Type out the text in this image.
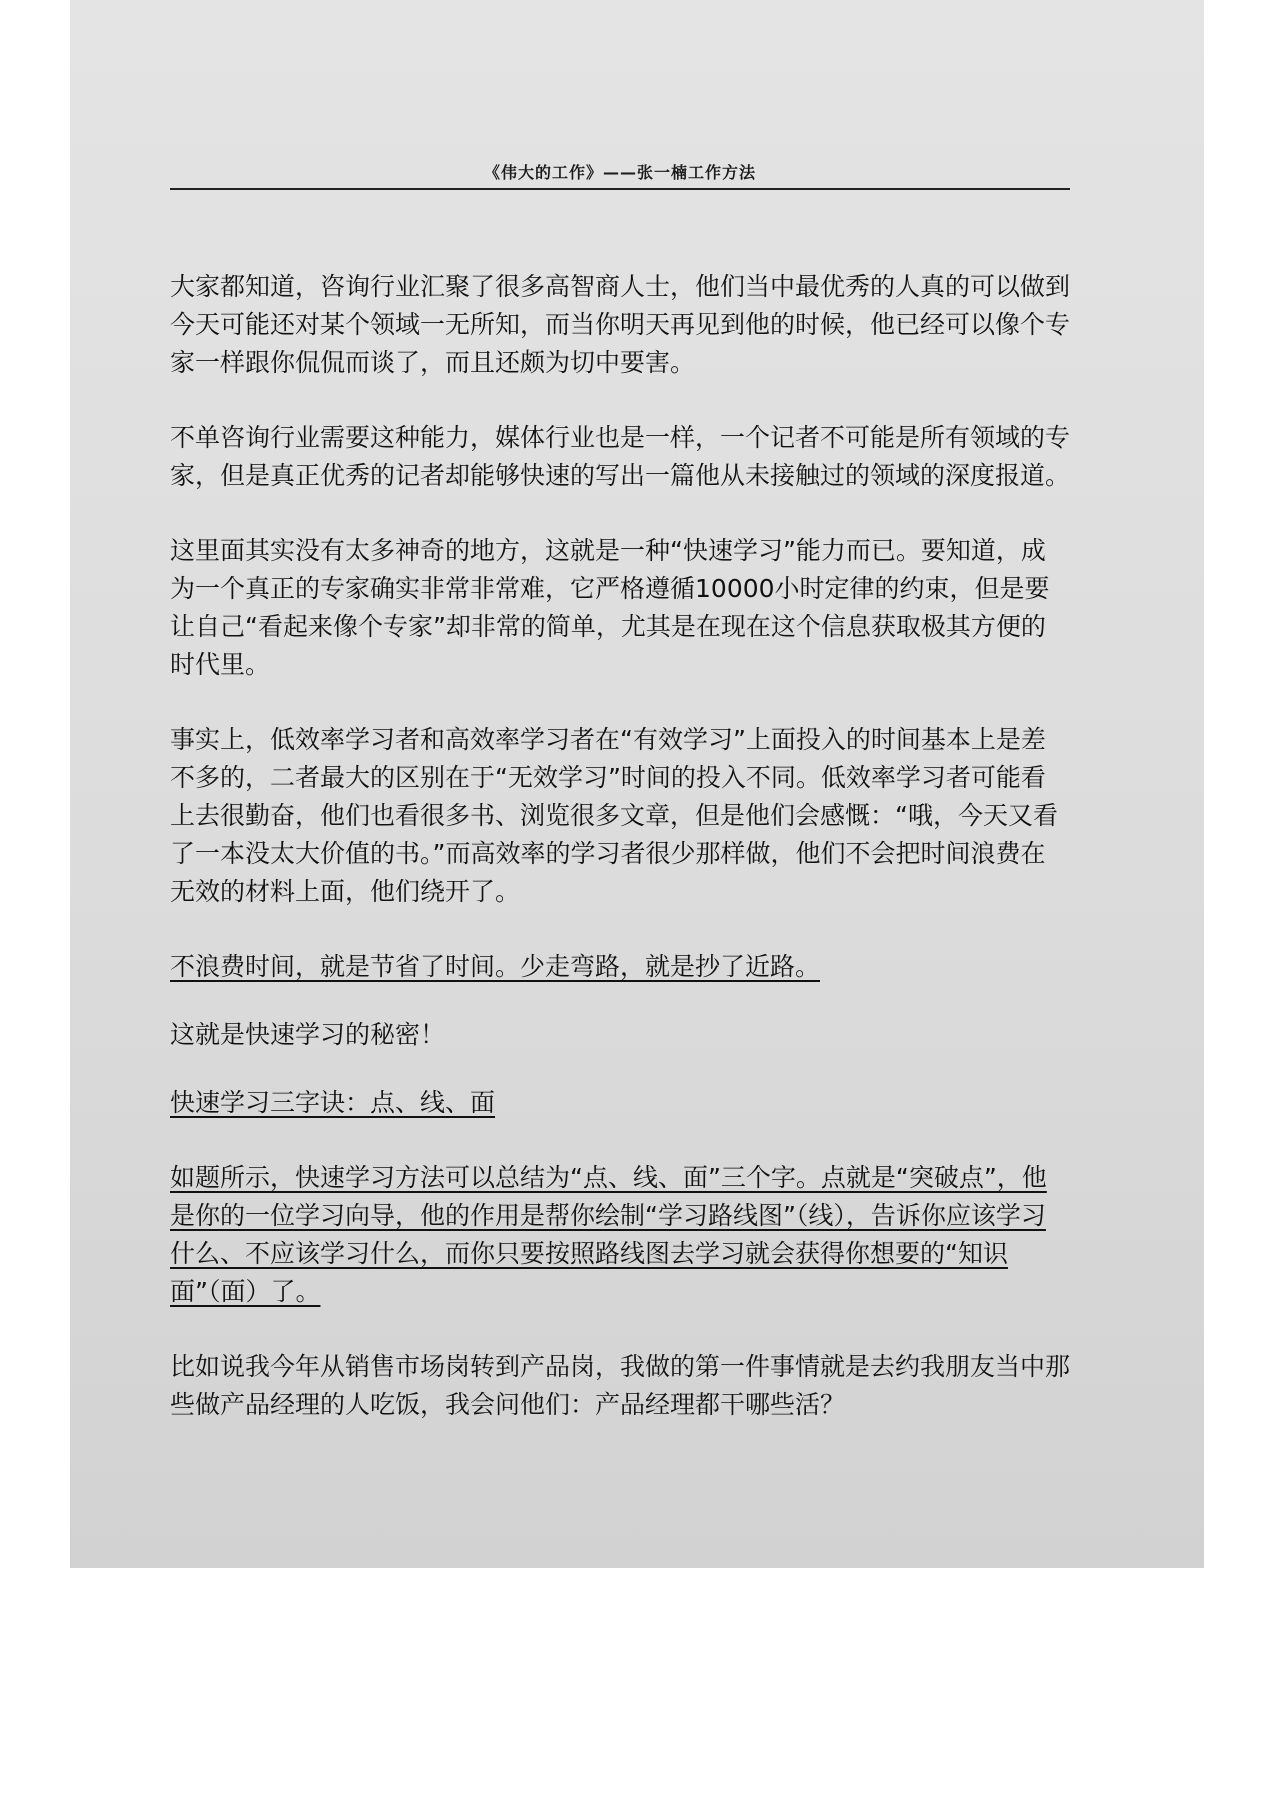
《伟大的工作》——张一楠工作方法

大家都知道，咨询行业汇聚了很多高智商人士，他们当中最优秀的人真的可以做到今天可能还对某个领域一无所知，而当你明天再见到他的时候，他已经可以像个专家一样跟你侃侃而谈了，而且还颇为切中要害。

不单咨询行业需要这种能力，媒体行业也是一样，一个记者不可能是所有领域的专家，但是真正优秀的记者却能够快速的写出一篇他从未接触过的领域的深度报道。

这里面其实没有太多神奇的地方，这就是一种“快速学习”能力而已。要知道，成为一个真正的专家确实非常非常难，它严格遵循10000小时定律的约束，但是要让自己“看起来像个专家”却非常的简单，尤其是在现在这个信息获取极其方便的时代里。

事实上，低效率学习者和高效率学习者在“有效学习”上面投入的时间基本上是差不多的，二者最大的区别在于“无效学习”时间的投入不同。低效率学习者可能看上去很勤奋，他们也看很多书、浏览很多文章，但是他们会感慨：“哦，今天又看了一本没太大价值的书。”而高效率的学习者很少那样做，他们不会把时间浪费在无效的材料上面，他们绕开了。

不浪费时间，就是节省了时间。少走弯路，就是抄了近路。

这就是快速学习的秘密！

快速学习三字诀：点、线、面

如题所示，快速学习方法可以总结为“点、线、面”三个字。点就是“突破点”，他是你的一位学习向导，他的作用是帮你绘制“学习路线图”（线），告诉你应该学习什么、不应该学习什么，而你只要按照路线图去学习就会获得你想要的“知识面”（面）了。

比如说我今年从销售市场岗转到产品岗，我做的第一件事情就是去约我朋友当中那些做产品经理的人吃饭，我会问他们：产品经理都干哪些活？
